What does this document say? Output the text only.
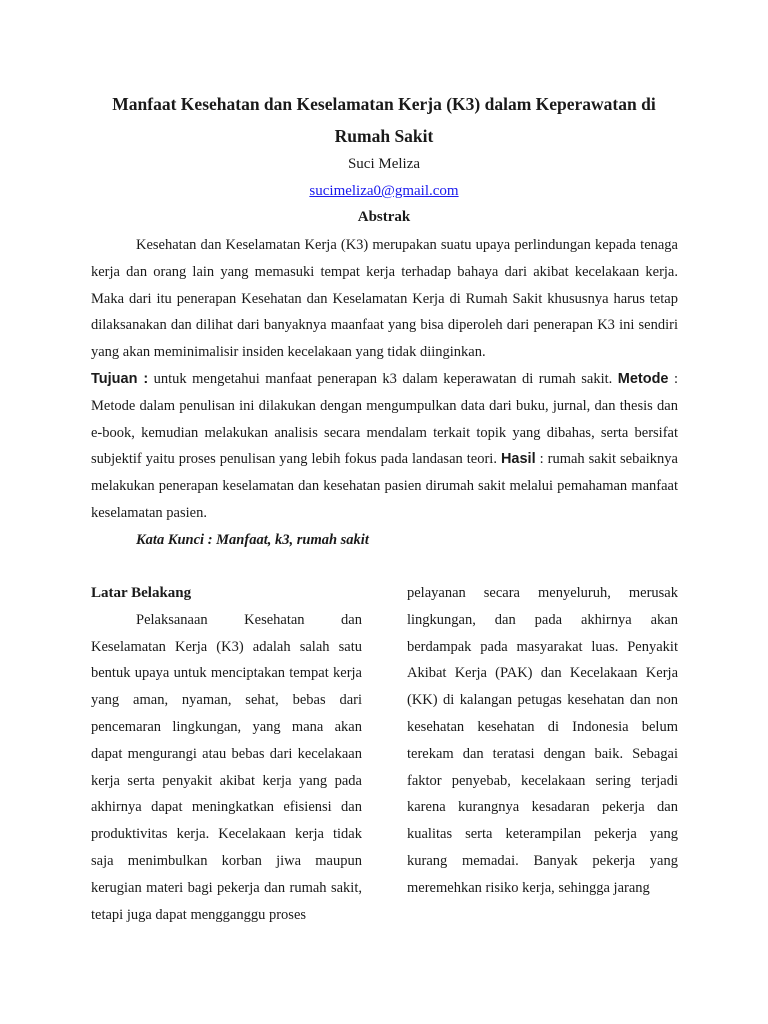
Manfaat Kesehatan dan Keselamatan Kerja (K3) dalam Keperawatan di Rumah Sakit
Suci Meliza
sucimeliza0@gmail.com
Abstrak
Kesehatan dan Keselamatan Kerja (K3) merupakan suatu upaya perlindungan kepada tenaga kerja dan orang lain yang memasuki tempat kerja terhadap bahaya dari akibat kecelakaan kerja. Maka dari itu penerapan Kesehatan dan Keselamatan Kerja di Rumah Sakit khususnya harus tetap dilaksanakan dan dilihat dari banyaknya maanfaat yang bisa diperoleh dari penerapan K3 ini sendiri yang akan meminimalisir insiden kecelakaan yang tidak diinginkan.
Tujuan : untuk mengetahui manfaat penerapan k3 dalam keperawatan di rumah sakit. Metode : Metode dalam penulisan ini dilakukan dengan mengumpulkan data dari buku, jurnal, dan thesis dan e-book, kemudian melakukan analisis secara mendalam terkait topik yang dibahas, serta bersifat subjektif yaitu proses penulisan yang lebih fokus pada landasan teori. Hasil : rumah sakit sebaiknya melakukan penerapan keselamatan dan kesehatan pasien dirumah sakit melalui pemahaman manfaat keselamatan pasien.
Kata Kunci : Manfaat, k3, rumah sakit
Latar Belakang

Pelaksanaan Kesehatan dan Keselamatan Kerja (K3) adalah salah satu bentuk upaya untuk menciptakan tempat kerja yang aman, nyaman, sehat, bebas dari pencemaran lingkungan, yang mana akan dapat mengurangi atau bebas dari kecelakaan kerja serta penyakit akibat kerja yang pada akhirnya dapat meningkatkan efisiensi dan produktivitas kerja. Kecelakaan kerja tidak saja menimbulkan korban jiwa maupun kerugian materi bagi pekerja dan rumah sakit, tetapi juga dapat mengganggu proses

pelayanan secara menyeluruh, merusak lingkungan, dan pada akhirnya akan berdampak pada masyarakat luas. Penyakit Akibat Kerja (PAK) dan Kecelakaan Kerja (KK) di kalangan petugas kesehatan dan non kesehatan kesehatan di Indonesia belum terekam dan teratasi dengan baik. Sebagai faktor penyebab, kecelakaan sering terjadi karena kurangnya kesadaran pekerja dan kualitas serta keterampilan pekerja yang kurang memadai. Banyak pekerja yang meremehkan risiko kerja, sehingga jarang
